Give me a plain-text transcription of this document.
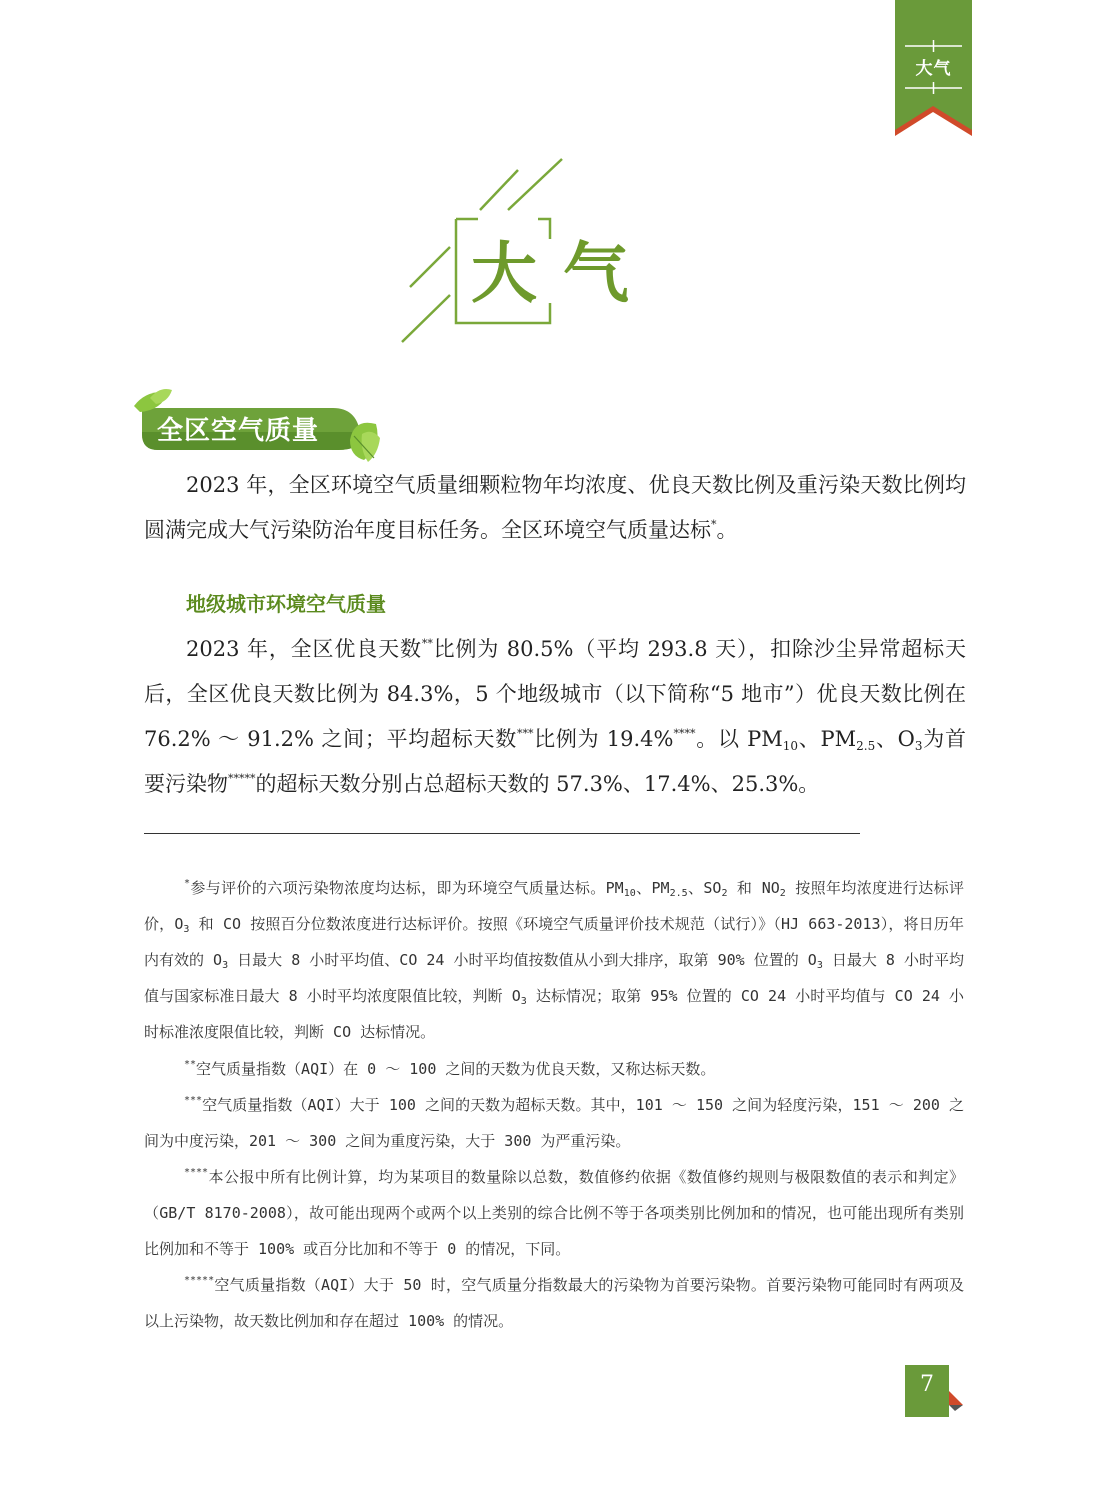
大气
大 气
全区空气质量
2023 年，全区环境空气质量细颗粒物年均浓度、优良天数比例及重污染天数比例均圆满完成大气污染防治年度目标任务。全区环境空气质量达标*。
地级城市环境空气质量
2023 年，全区优良天数**比例为 80.5%（平均 293.8 天），扣除沙尘异常超标天后，全区优良天数比例为 84.3%，5 个地级城市（以下简称“5 地市”）优良天数比例在 76.2% ～ 91.2% 之间；平均超标天数***比例为 19.4%****。以 $PM_{10}$、$PM_{2.5}$、$O_3$为首要污染物*****的超标天数分别占总超标天数的 57.3%、17.4%、25.3%。
*参与评价的六项污染物浓度均达标，即为环境空气质量达标。$PM_{10}$、$PM_{2.5}$、$SO_2$ 和 $NO_2$ 按照年均浓度进行达标评价，$O_3$ 和 CO 按照百分位数浓度进行达标评价。按照《环境空气质量评价技术规范（试行）》（HJ 663-2013），将日历年内有效的 $O_3$ 日最大 8 小时平均值、CO 24 小时平均值按数值从小到大排序，取第 90% 位置的 $O_3$ 日最大 8 小时平均值与国家标准日最大 8 小时平均浓度限值比较，判断 $O_3$ 达标情况；取第 95% 位置的 CO 24 小时平均值与 CO 24 小时标准浓度限值比较，判断 CO 达标情况。
**空气质量指数（AQI）在 0 ～ 100 之间的天数为优良天数，又称达标天数。
***空气质量指数（AQI）大于 100 之间的天数为超标天数。其中，101 ～ 150 之间为轻度污染，151 ～ 200 之间为中度污染，201 ～ 300 之间为重度污染，大于 300 为严重污染。
****本公报中所有比例计算，均为某项目的数量除以总数，数值修约依据《数值修约规则与极限数值的表示和判定》（GB/T 8170-2008），故可能出现两个或两个以上类别的综合比例不等于各项类别比例加和的情况，也可能出现所有类别比例加和不等于 100% 或百分比加和不等于 0 的情况，下同。
*****空气质量指数（AQI）大于 50 时，空气质量分指数最大的污染物为首要污染物。首要污染物可能同时有两项及以上污染物，故天数比例加和存在超过 100% 的情况。
7
